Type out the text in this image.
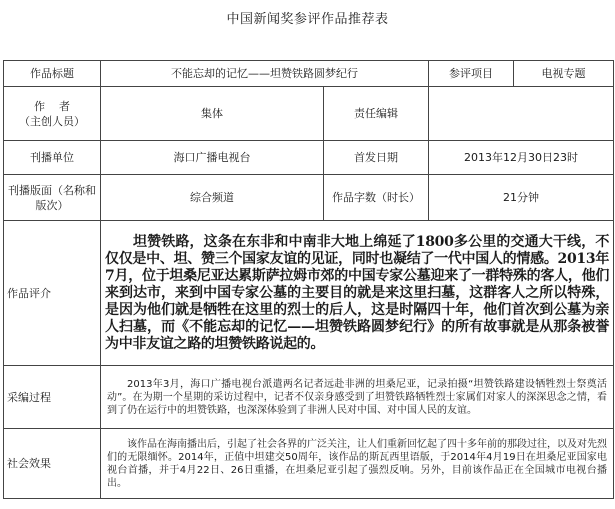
中国新闻奖参评作品推荐表
作品标题	不能忘却的记忆——坦赞铁路圆梦纪行		参评项目	电视专题

作    者
（主创人员）	集体	责任编辑		
刊播单位	海口广播电视台	首发日期	2013年12月30日23时	
刊播版面（名称和版次）	综合频道	作品字数（时长）	21分钟	
作品评介	坦赞铁路，这条在东非和中南非大地上绵延了1800多公里的交通大干线，不仅仅是中、坦、赞三个国家友谊的见证，同时也凝结了一代中国人的情感。2013年7月，位于坦桑尼亚达累斯萨拉姆市郊的中国专家公墓迎来了一群特殊的客人，他们来到达市，来到中国专家公墓的主要目的就是来这里扫墓，这群客人之所以特殊，是因为他们就是牺牲在这里的烈士的后人，这是时隔四十年，他们首次到公墓为亲人扫墓，而《不能忘却的记忆——坦赞铁路圆梦纪行》的所有故事就是从那条被誉为中非友谊之路的坦赞铁路说起的。			
采编过程	2013年3月，海口广播电视台派遣两名记者远赴非洲的坦桑尼亚，记录拍摄“坦赞铁路建设牺牲烈士祭奠活动”。在为期一个星期的采访过程中，记者不仅亲身感受到了坦赞铁路牺牲烈士家属们对家人的深深思念之情，看到了仍在运行中的坦赞铁路，也深深体验到了非洲人民对中国、对中国人民的友谊。			
社会效果	该作品在海南播出后，引起了社会各界的广泛关注，让人们重新回忆起了四十多年前的那段过往，以及对先烈们的无限缅怀。2014年，正值中坦建交50周年，该作品的斯瓦西里语版，于2014年4月19日在坦桑尼亚国家电视台首播，并于4月22日、26日重播，在坦桑尼亚引起了强烈反响。另外，目前该作品正在全国城市电视台播出。			
